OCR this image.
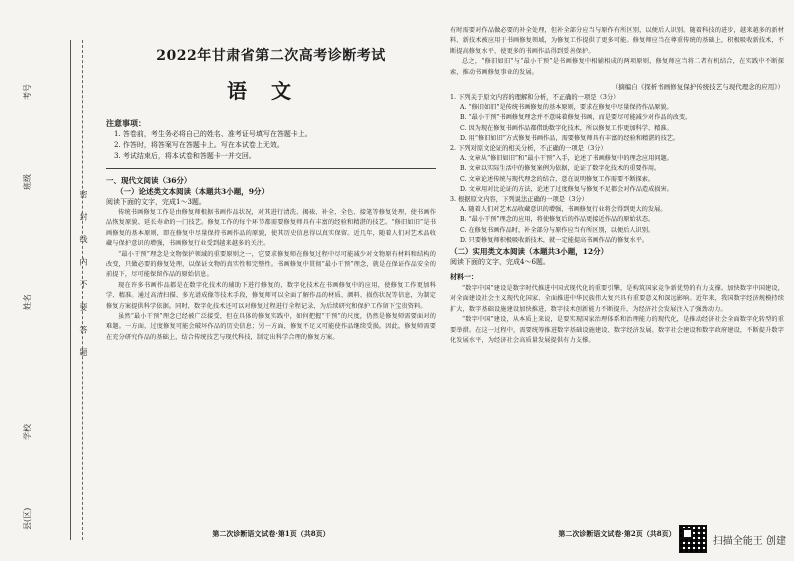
县(区)
学校
姓名
班级
考号
密 封 线 内 不 要 答 题
2022年甘肃省第二次高考诊断考试
语文
注意事项：
1. 答卷前，考生务必将自己的姓名、准考证号填写在答题卡上。
2. 作答时，将答案写在答题卡上。写在本试卷上无效。
3. 考试结束后，将本试卷和答题卡一并交回。
一、现代文阅读（36分）
（一）论述类文本阅读（本题共3小题，9分）
阅读下面的文字，完成1～3题。

传统书画修复工作是由修复师根据书画作品状况，对其进行清洗、揭裱、补全、全色、接笔等修复处理，使书画作品恢复原貌、延长寿命的一门技艺。修复工作的每个环节都需要修复师具有丰富的经验和精湛的技艺。“修旧如旧”是书画修复的基本原则，即在修复中尽量保持书画作品的原貌，使其历史信息得以真实保留。近几年，随着人们对艺术品收藏与保护意识的增强，书画修复行业受到越来越多的关注。

“最小干预”理念是文物保护领域的重要原则之一，它要求修复师在修复过程中尽可能减少对文物原有材料和结构的改变，只做必要的修复处理，以保证文物的真实性和完整性。书画修复中贯彻“最小干预”理念，就是在保证作品安全的前提下，尽可能保留作品的原始信息。

现在许多书画作品都是在数字化技术的辅助下进行修复的，数字化技术在书画修复中的应用，使修复工作更加科学、精准。通过高清扫描、多光谱成像等技术手段，修复师可以全面了解作品的材质、颜料、损伤状况等信息，为制定修复方案提供科学依据。同时，数字化技术还可以对修复过程进行全程记录，为后续研究和保护工作留下宝贵资料。

虽然“最小干预”理念已经被广泛接受，但在具体的修复实践中，如何把握“干预”的尺度，仍然是修复师需要面对的难题。一方面，过度修复可能会破坏作品的历史信息；另一方面，修复不足又可能使作品继续受损。因此，修复师需要在充分研究作品的基础上，结合传统技艺与现代科技，制定出科学合理的修复方案。

第二次诊断语文试卷·第1页（共8页）

有时需要对作品做必要的补全处理，但补全部分应当与原作有所区别，以便后人识别。随着科技的进步，越来越多的新材料、新技术被应用于书画修复领域，为修复工作提供了更多可能。修复师应当在尊重传统的基础上，积极吸收新技术，不断提高修复水平，使更多的书画作品得到妥善保护。

总之，“修旧如旧”与“最小干预”是书画修复中相辅相成的两项原则，修复师应当将二者有机结合，在实践中不断探索，推动书画修复事业的发展。

（摘编自《探析书画修复保护传统技艺与现代理念的应用》）
1. 下列关于原文内容的理解和分析，不正确的一项是（3分）
A. “修旧如旧”是传统书画修复的基本原则，要求在修复中尽量保持作品原貌。
B. “最小干预”书画修复理念并不意味着修复书画，而是要尽可能减少对作品的改变。
C. 因为现在修复书画作品都借助数字化技术，所以修复工作更加科学、精准。
D. 用“修旧如旧”方式修复书画作品，需要修复师具有丰富的经验和精湛的技艺。
2. 下列对原文论证的相关分析，不正确的一项是（3分）
A. 文章从“修旧如旧”和“最小干预”入手，论述了书画修复中的理念应用问题。
B. 文章以实际生活中的修复案例为依据，论证了数字化技术的重要作用。
C. 文章论述传统与现代理念的结合，意在说明修复工作需要不断探索。
D. 文章用对比论证的方法，论述了过度修复与修复不足都会对作品造成损害。
3. 根据原文内容，下列说法正确的一项是（3分）
A. 随着人们对艺术品收藏意识的增强，书画修复行业将会得到更大的发展。
B. “最小干预”理念的应用，将使修复后的作品更接近作品的原始状态。
C. 在修复书画作品时，补全部分与原作应当有所区别，以便后人识别。
D. 只要修复师积极吸收新技术，就一定能提高书画作品的修复水平。
（二）实用类文本阅读（本题共3小题，12分）
阅读下面的文字，完成4～6题。
材料一：

“数字中国”建设是数字时代推进中国式现代化的重要引擎，是构筑国家竞争新优势的有力支撑。加快数字中国建设，对全面建设社会主义现代化国家、全面推进中华民族伟大复兴具有重要意义和深远影响。近年来，我国数字经济规模持续扩大，数字基础设施建设加快推进，数字技术创新能力不断提升，为经济社会发展注入了强劲动力。

“数字中国”建设，从本质上来说，是要实现国家治理体系和治理能力的现代化，是推动经济社会全面数字化转型的重要举措。在这一过程中，需要统筹推进数字基础设施建设、数字经济发展、数字社会建设和数字政府建设，不断提升数字化发展水平，为经济社会高质量发展提供有力支撑。

第二次诊断语文试卷·第2页（共8页）
扫描全能王 创建
